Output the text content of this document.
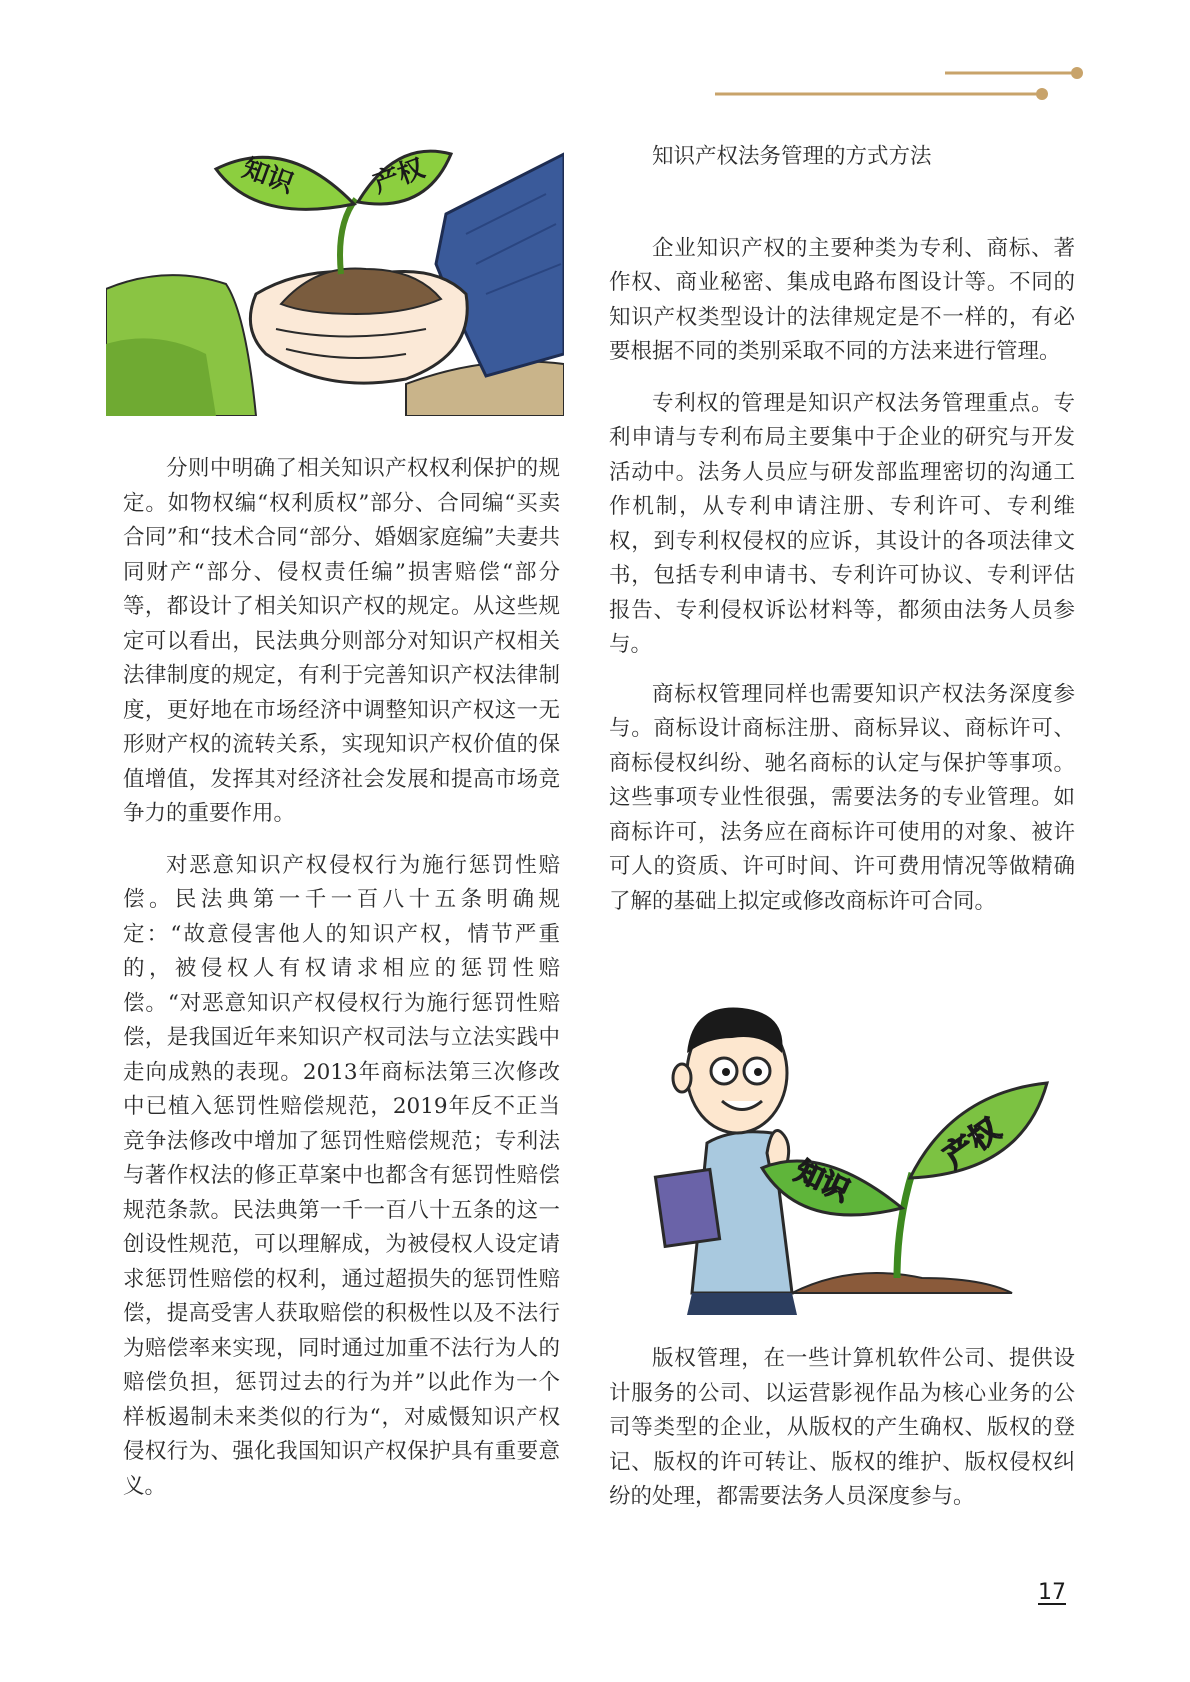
知识	产权
知识
产权

分则中明确了相关知识产权权利保护的规定。如物权编“权利质权”部分、合同编“买卖合同”和“技术合同“部分、婚姻家庭编”夫妻共同财产“部分、侵权责任编”损害赔偿“部分等，都设计了相关知识产权的规定。从这些规定可以看出，民法典分则部分对知识产权相关法律制度的规定，有利于完善知识产权法律制度，更好地在市场经济中调整知识产权这一无形财产权的流转关系，实现知识产权价值的保值增值，发挥其对经济社会发展和提高市场竞争力的重要作用。

对恶意知识产权侵权行为施行惩罚性赔偿。民法典第一千一百八十五条明确规定：“故意侵害他人的知识产权，情节严重的，被侵权人有权请求相应的惩罚性赔偿。“对恶意知识产权侵权行为施行惩罚性赔偿，是我国近年来知识产权司法与立法实践中走向成熟的表现。2013年商标法第三次修改中已植入惩罚性赔偿规范，2019年反不正当竞争法修改中增加了惩罚性赔偿规范；专利法与著作权法的修正草案中也都含有惩罚性赔偿规范条款。民法典第一千一百八十五条的这一创设性规范，可以理解成，为被侵权人设定请求惩罚性赔偿的权利，通过超损失的惩罚性赔偿，提高受害人获取赔偿的积极性以及不法行为赔偿率来实现，同时通过加重不法行为人的赔偿负担，惩罚过去的行为并”以此作为一个样板遏制未来类似的行为“，对威慑知识产权侵权行为、强化我国知识产权保护具有重要意义。

知识产权法务管理的方式方法

企业知识产权的主要种类为专利、商标、著作权、商业秘密、集成电路布图设计等。不同的知识产权类型设计的法律规定是不一样的，有必要根据不同的类别采取不同的方法来进行管理。

专利权的管理是知识产权法务管理重点。专利申请与专利布局主要集中于企业的研究与开发活动中。法务人员应与研发部监理密切的沟通工作机制，从专利申请注册、专利许可、专利维权，到专利权侵权的应诉，其设计的各项法律文书，包括专利申请书、专利许可协议、专利评估报告、专利侵权诉讼材料等，都须由法务人员参与。

商标权管理同样也需要知识产权法务深度参与。商标设计商标注册、商标异议、商标许可、商标侵权纠纷、驰名商标的认定与保护等事项。这些事项专业性很强，需要法务的专业管理。如商标许可，法务应在商标许可使用的对象、被许可人的资质、许可时间、许可费用情况等做精确了解的基础上拟定或修改商标许可合同。

版权管理，在一些计算机软件公司、提供设计服务的公司、以运营影视作品为核心业务的公司等类型的企业，从版权的产生确权、版权的登记、版权的许可转让、版权的维护、版权侵权纠纷的处理，都需要法务人员深度参与。

17
